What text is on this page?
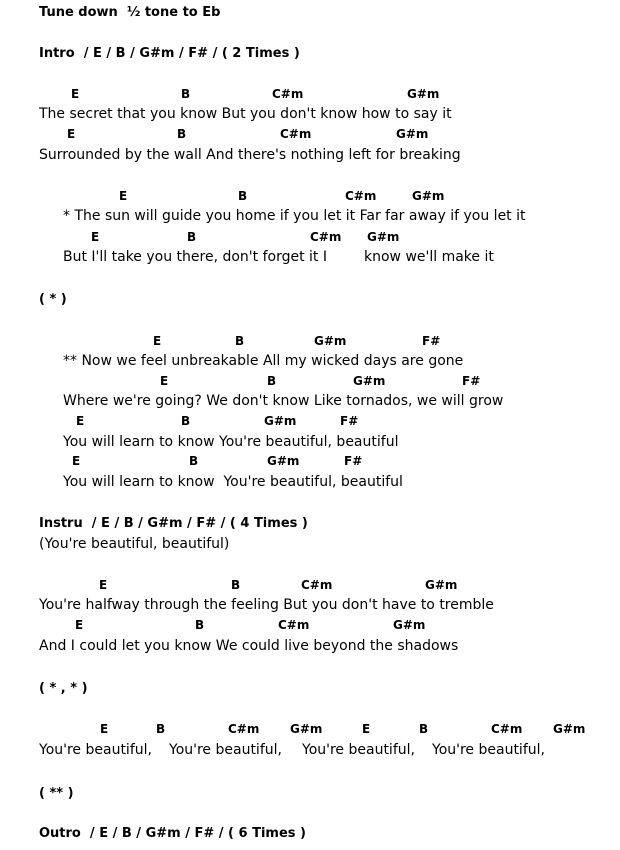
Tune down  ½ tone to Eb
Intro  / E / B / G#m / F# / ( 2 Times )
E	B	C#m	G#m
The secret that you know But you don't know how to say it
E	B	C#m	G#m
Surrounded by the wall And there's nothing left for breaking
E	B	C#m	G#m
* The sun will guide you home if you let it Far far away if you let it
E	B	C#m G#m
But I'll take you there, don't forget it I	know we'll make it
( * )
E	B	G#m	F#
** Now we feel unbreakable All my wicked days are gone
E	B	G#m	F#
Where we're going? We don't know Like tornados, we will grow
E	B	G#m	F#
You will learn to know You're beautiful, beautiful
E	B	G#m	F#
You will learn to know  You're beautiful, beautiful
Instru  / E / B / G#m / F# / ( 4 Times )
(You're beautiful, beautiful)
E	B	C#m	G#m
You're halfway through the feeling But you don't have to tremble
E	B	C#m	G#m
And I could let you know We could live beyond the shadows
( * , * )
E	B	C#m	G#m	E	B	C#m	G#m
You're beautiful, You're beautiful, You're beautiful, You're beautiful,
( ** )
Outro  / E / B / G#m / F# / ( 6 Times )
